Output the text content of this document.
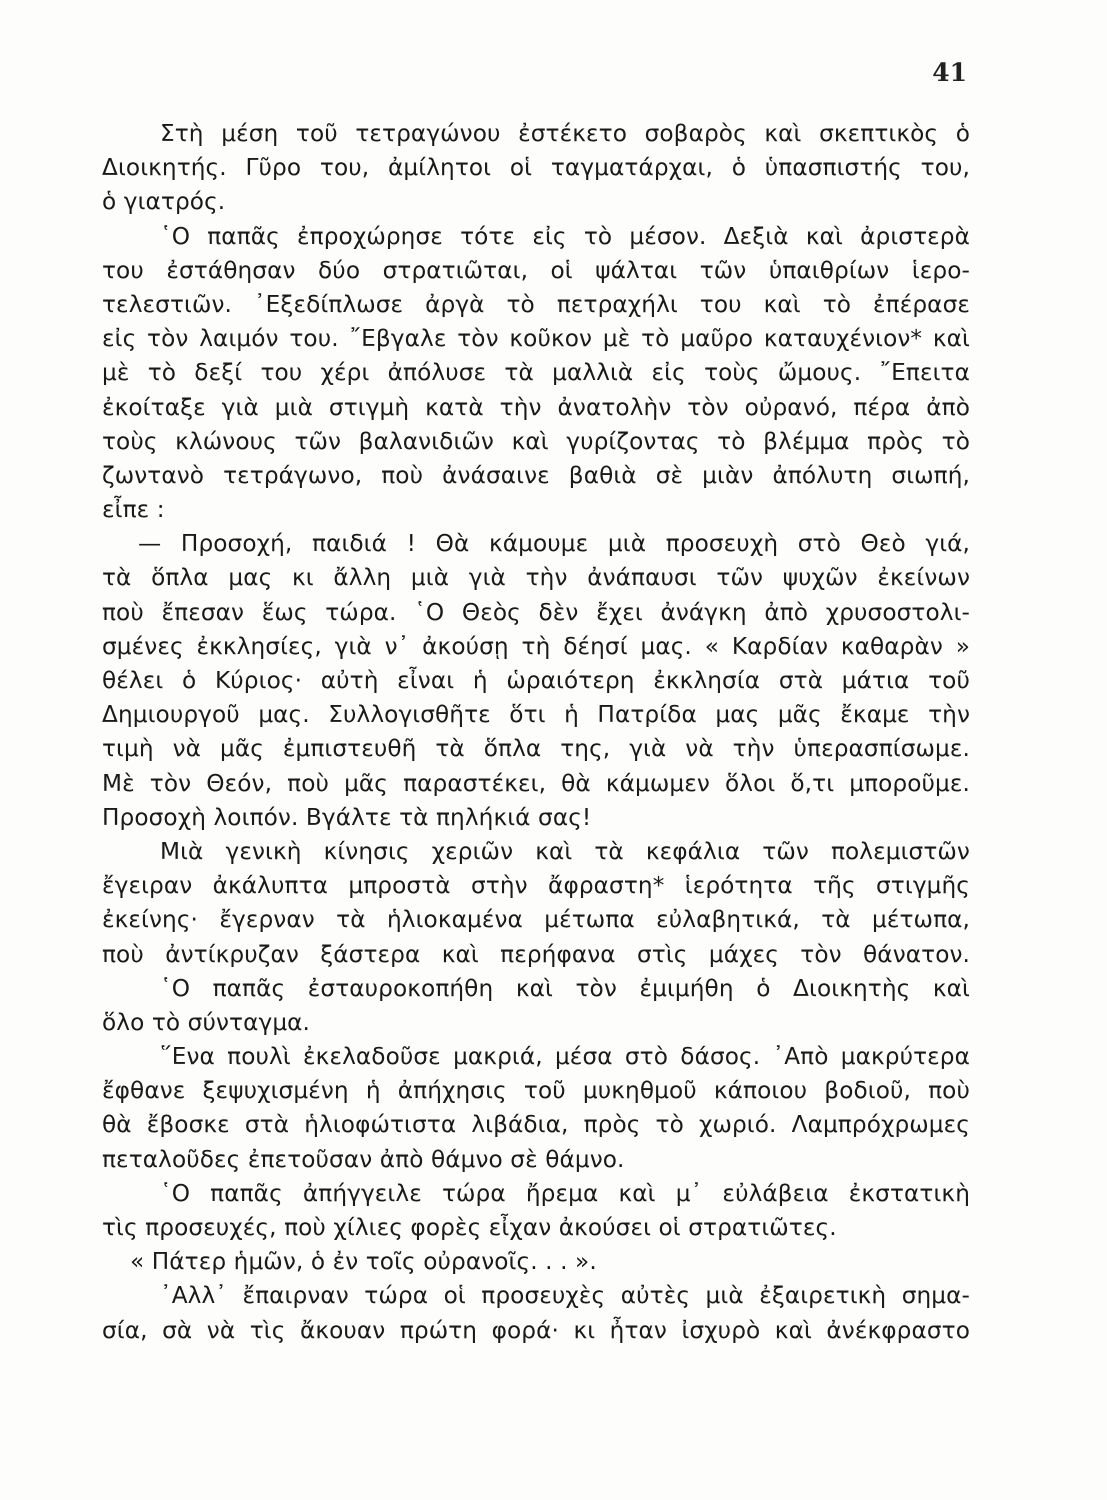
41
Στὴ μέση τοῦ τετραγώνου ἐστέκετο σοβαρὸς καὶ σκεπτικὸς ὁ
Διοικητής. Γῦρο του, ἀμίλητοι οἱ ταγματάρχαι, ὁ ὑπασπιστής του,
ὁ γιατρός.
῾Ο παπᾶς ἐπροχώρησε τότε εἰς τὸ μέσον. Δεξιὰ καὶ ἀριστερὰ
του ἐστάθησαν δύο στρατιῶται, οἱ ψάλται τῶν ὑπαιθρίων ἱερο-
τελεστιῶν. ᾽Εξεδίπλωσε ἀργὰ τὸ πετραχήλι του καὶ τὸ ἐπέρασε
εἰς τὸν λαιμόν του. ῎Εβγαλε τὸν κοῦκον μὲ τὸ μαῦρο καταυχένιον* καὶ
μὲ τὸ δεξί του χέρι ἀπόλυσε τὰ μαλλιὰ εἰς τοὺς ὤμους. ῎Επειτα
ἐκοίταξε γιὰ μιὰ στιγμὴ κατὰ τὴν ἀνατολὴν τὸν οὐρανό, πέρα ἀπὸ
τοὺς κλώνους τῶν βαλανιδιῶν καὶ γυρίζοντας τὸ βλέμμα πρὸς τὸ
ζωντανὸ τετράγωνο, ποὺ ἀνάσαινε βαθιὰ σὲ μιὰν ἀπόλυτη σιωπή,
εἶπε :
— Προσοχή, παιδιά ! Θὰ κάμουμε μιὰ προσευχὴ στὸ Θεὸ γιά,
τὰ ὅπλα μας κι ἄλλη μιὰ γιὰ τὴν ἀνάπαυσι τῶν ψυχῶν ἐκείνων
ποὺ ἔπεσαν ἕως τώρα. ῾Ο Θεὸς δὲν ἔχει ἀνάγκη ἀπὸ χρυσοστολι-
σμένες ἐκκλησίες, γιὰ ν᾽ ἀκούσῃ τὴ δέησί μας. « Καρδίαν καθαρὰν »
θέλει ὁ Κύριος· αὐτὴ εἶναι ἡ ὡραιότερη ἐκκλησία στὰ μάτια τοῦ
Δημιουργοῦ μας. Συλλογισθῆτε ὅτι ἡ Πατρίδα μας μᾶς ἔκαμε τὴν
τιμὴ νὰ μᾶς ἐμπιστευθῆ τὰ ὅπλα της, γιὰ νὰ τὴν ὑπερασπίσωμε.
Μὲ τὸν Θεόν, ποὺ μᾶς παραστέκει, θὰ κάμωμεν ὅλοι ὅ,τι μποροῦμε.
Προσοχὴ λοιπόν. Βγάλτε τὰ πηλήκιά σας!
Μιὰ γενικὴ κίνησις χεριῶν καὶ τὰ κεφάλια τῶν πολεμιστῶν
ἔγειραν ἀκάλυπτα μπροστὰ στὴν ἄφραστη* ἱερότητα τῆς στιγμῆς
ἐκείνης· ἔγερναν τὰ ἡλιοκαμένα μέτωπα εὐλαβητικά, τὰ μέτωπα,
ποὺ ἀντίκρυζαν ξάστερα καὶ περήφανα στὶς μάχες τὸν θάνατον.
῾Ο παπᾶς ἐσταυροκοπήθη καὶ τὸν ἐμιμήθη ὁ Διοικητὴς καὶ
ὅλο τὸ σύνταγμα.
῞Ενα πουλὶ ἐκελαδοῦσε μακριά, μέσα στὸ δάσος. ᾽Απὸ μακρύτερα
ἔφθανε ξεψυχισμένη ἡ ἀπήχησις τοῦ μυκηθμοῦ κάποιου βοδιοῦ, ποὺ
θὰ ἔβοσκε στὰ ἡλιοφώτιστα λιβάδια, πρὸς τὸ χωριό. Λαμπρόχρωμες
πεταλοῦδες ἐπετοῦσαν ἀπὸ θάμνο σὲ θάμνο.
῾Ο παπᾶς ἀπήγγειλε τώρα ἤρεμα καὶ μ᾽ εὐλάβεια ἐκστατικὴ
τὶς προσευχές, ποὺ χίλιες φορὲς εἶχαν ἀκούσει οἱ στρατιῶτες.
« Πάτερ ἡμῶν, ὁ ἐν τοῖς οὐρανοῖς. . . ».
᾽Αλλ᾽ ἔπαιρναν τώρα οἱ προσευχὲς αὐτὲς μιὰ ἐξαιρετικὴ σημα-
σία, σὰ νὰ τὶς ἄκουαν πρώτη φορά· κι ἦταν ἰσχυρὸ καὶ ἀνέκφραστο
